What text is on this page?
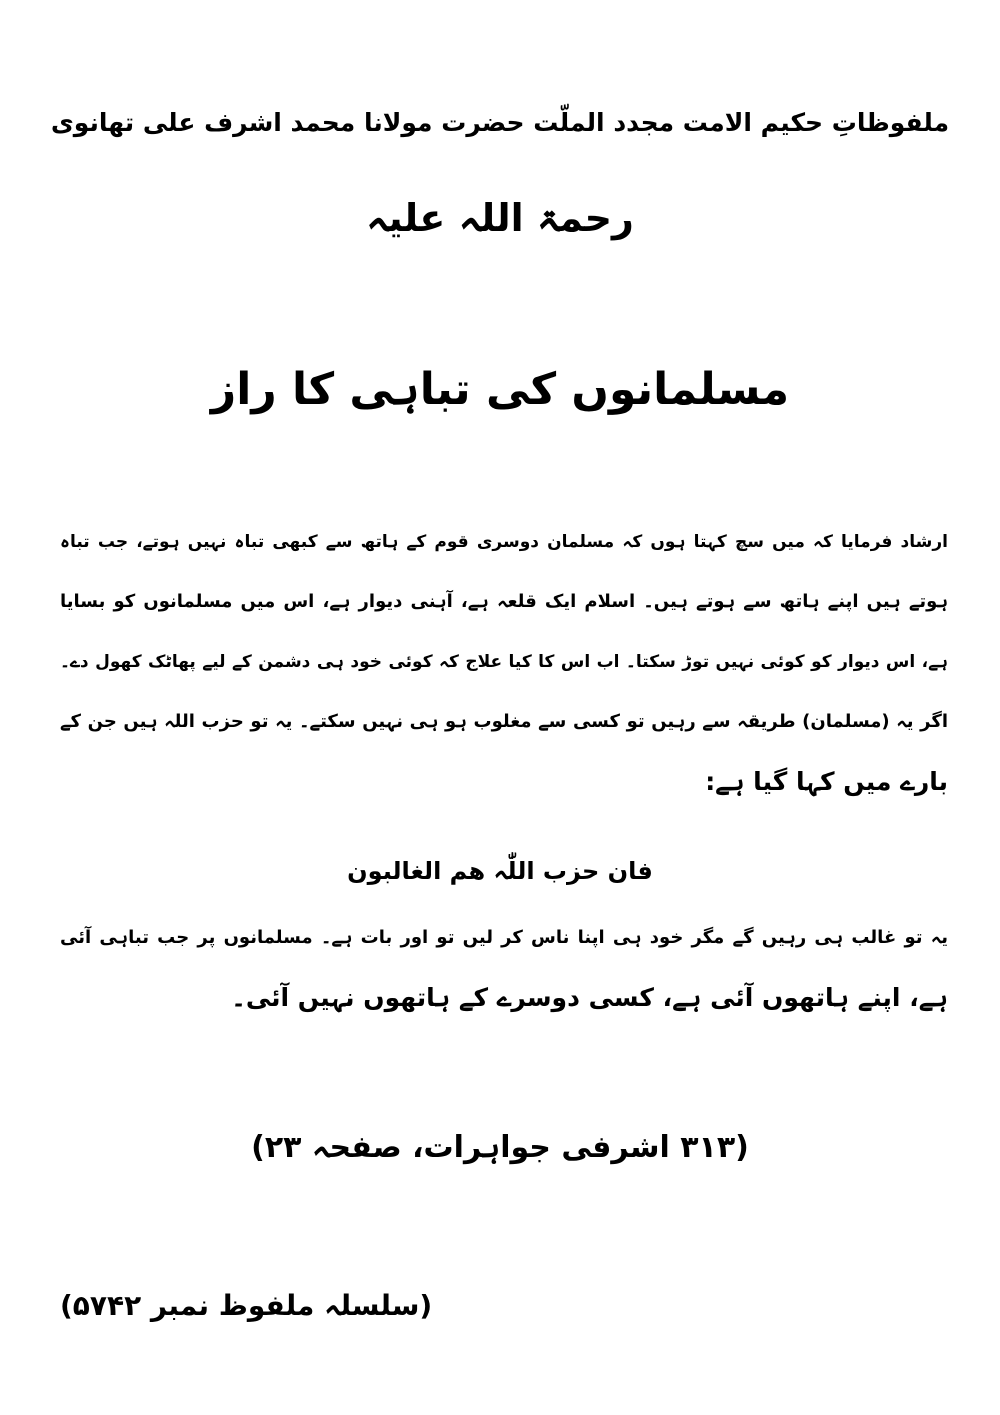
ملفوظاتِ حکیم الامت مجدد الملّت حضرت مولانا محمد اشرف علی تھانوی
رحمۃ اللہ علیہ
مسلمانوں کی تباہی کا راز
ارشاد فرمایا کہ میں سچ کہتا ہوں کہ مسلمان دوسری قوم کے ہاتھ سے کبھی تباہ نہیں ہوتے، جب تباہ
ہوتے ہیں اپنے ہاتھ سے ہوتے ہیں۔ اسلام ایک قلعہ ہے، آہنی دیوار ہے، اس میں مسلمانوں کو بسایا
ہے، اس دیوار کو کوئی نہیں توڑ سکتا۔ اب اس کا کیا علاج کہ کوئی خود ہی دشمن کے لیے پھاٹک کھول دے۔
اگر یہ (مسلمان) طریقہ سے رہیں تو کسی سے مغلوب ہو ہی نہیں سکتے۔ یہ تو حزب اللہ ہیں جن کے
بارے میں کہا گیا ہے:
فان حزب اللّٰہ ھم الغالبون
یہ تو غالب ہی رہیں گے مگر خود ہی اپنا ناس کر لیں تو اور بات ہے۔ مسلمانوں پر جب تباہی آئی
ہے، اپنے ہاتھوں آئی ہے، کسی دوسرے کے ہاتھوں نہیں آئی۔
(۳۱۳ اشرفی جواہرات، صفحہ ۲۳)
(سلسلہ ملفوظ نمبر ۵۷۴۲)
